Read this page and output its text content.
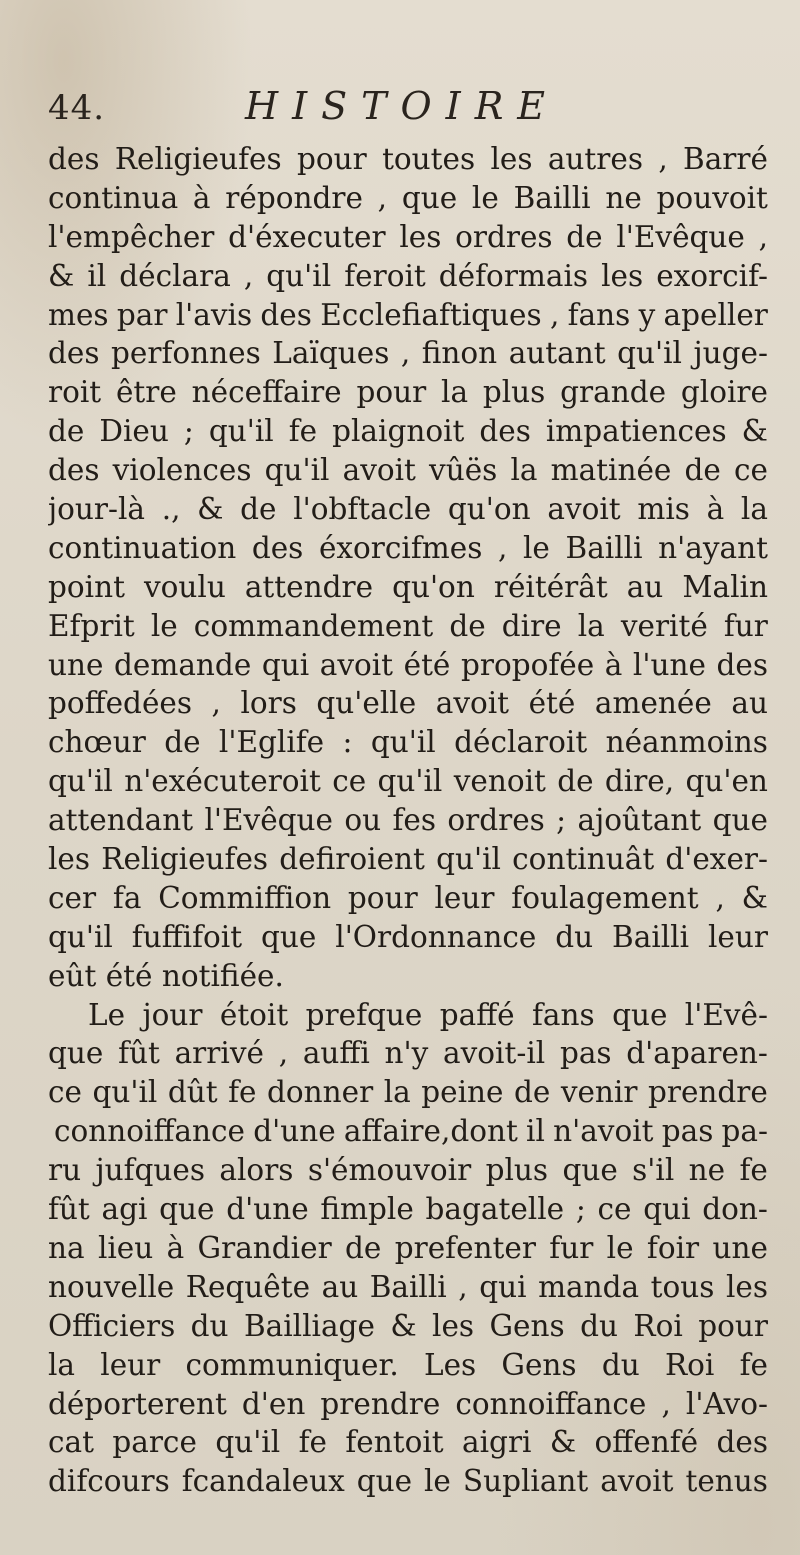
44.	HISTOIRE
des Religieufes pour toutes les autres , Barré
continua à répondre , que le Bailli ne pouvoit
l'empêcher d'éxecuter les ordres de l'Evêque ,
& il déclara , qu'il feroit déformais les exorcif-
mes par l'avis des Ecclefiaftiques , fans y apeller
des perfonnes Laïques , finon autant qu'il juge-
roit être néceffaire pour la plus grande gloire
de Dieu ; qu'il fe plaignoit des impatiences &
des violences qu'il avoit vûës la matinée de ce
jour-là ., & de l'obftacle qu'on avoit mis à la
continuation des éxorcifmes , le Bailli n'ayant
point voulu attendre qu'on réitérât au Malin
Efprit le commandement de dire la verité fur
une demande qui avoit été propofée à l'une des
poffedées , lors qu'elle avoit été amenée au
chœur de l'Eglife : qu'il déclaroit néanmoins
qu'il n'exécuteroit ce qu'il venoit de dire, qu'en
attendant l'Evêque ou fes ordres ; ajoûtant que
les Religieufes defiroient qu'il continuât d'exer-
cer fa Commiffion pour leur foulagement , &
qu'il fuffifoit que l'Ordonnance du Bailli leur
eût été notifiée.
Le jour étoit prefque paffé fans que l'Evê-
que fût arrivé , auffi n'y avoit-il pas d'aparen-
ce qu'il dût fe donner la peine de venir prendre
connoiffance d'une affaire,dont il n'avoit pas pa-
ru jufques alors s'émouvoir plus que s'il ne fe
fût agi que d'une fimple bagatelle ; ce qui don-
na lieu à Grandier de prefenter fur le foir une
nouvelle Requête au Bailli , qui manda tous les
Officiers du Bailliage & les Gens du Roi pour
la leur communiquer. Les Gens du Roi fe
déporterent d'en prendre connoiffance , l'Avo-
cat parce qu'il fe fentoit aigri & offenfé des
difcours fcandaleux que le Supliant avoit tenus
